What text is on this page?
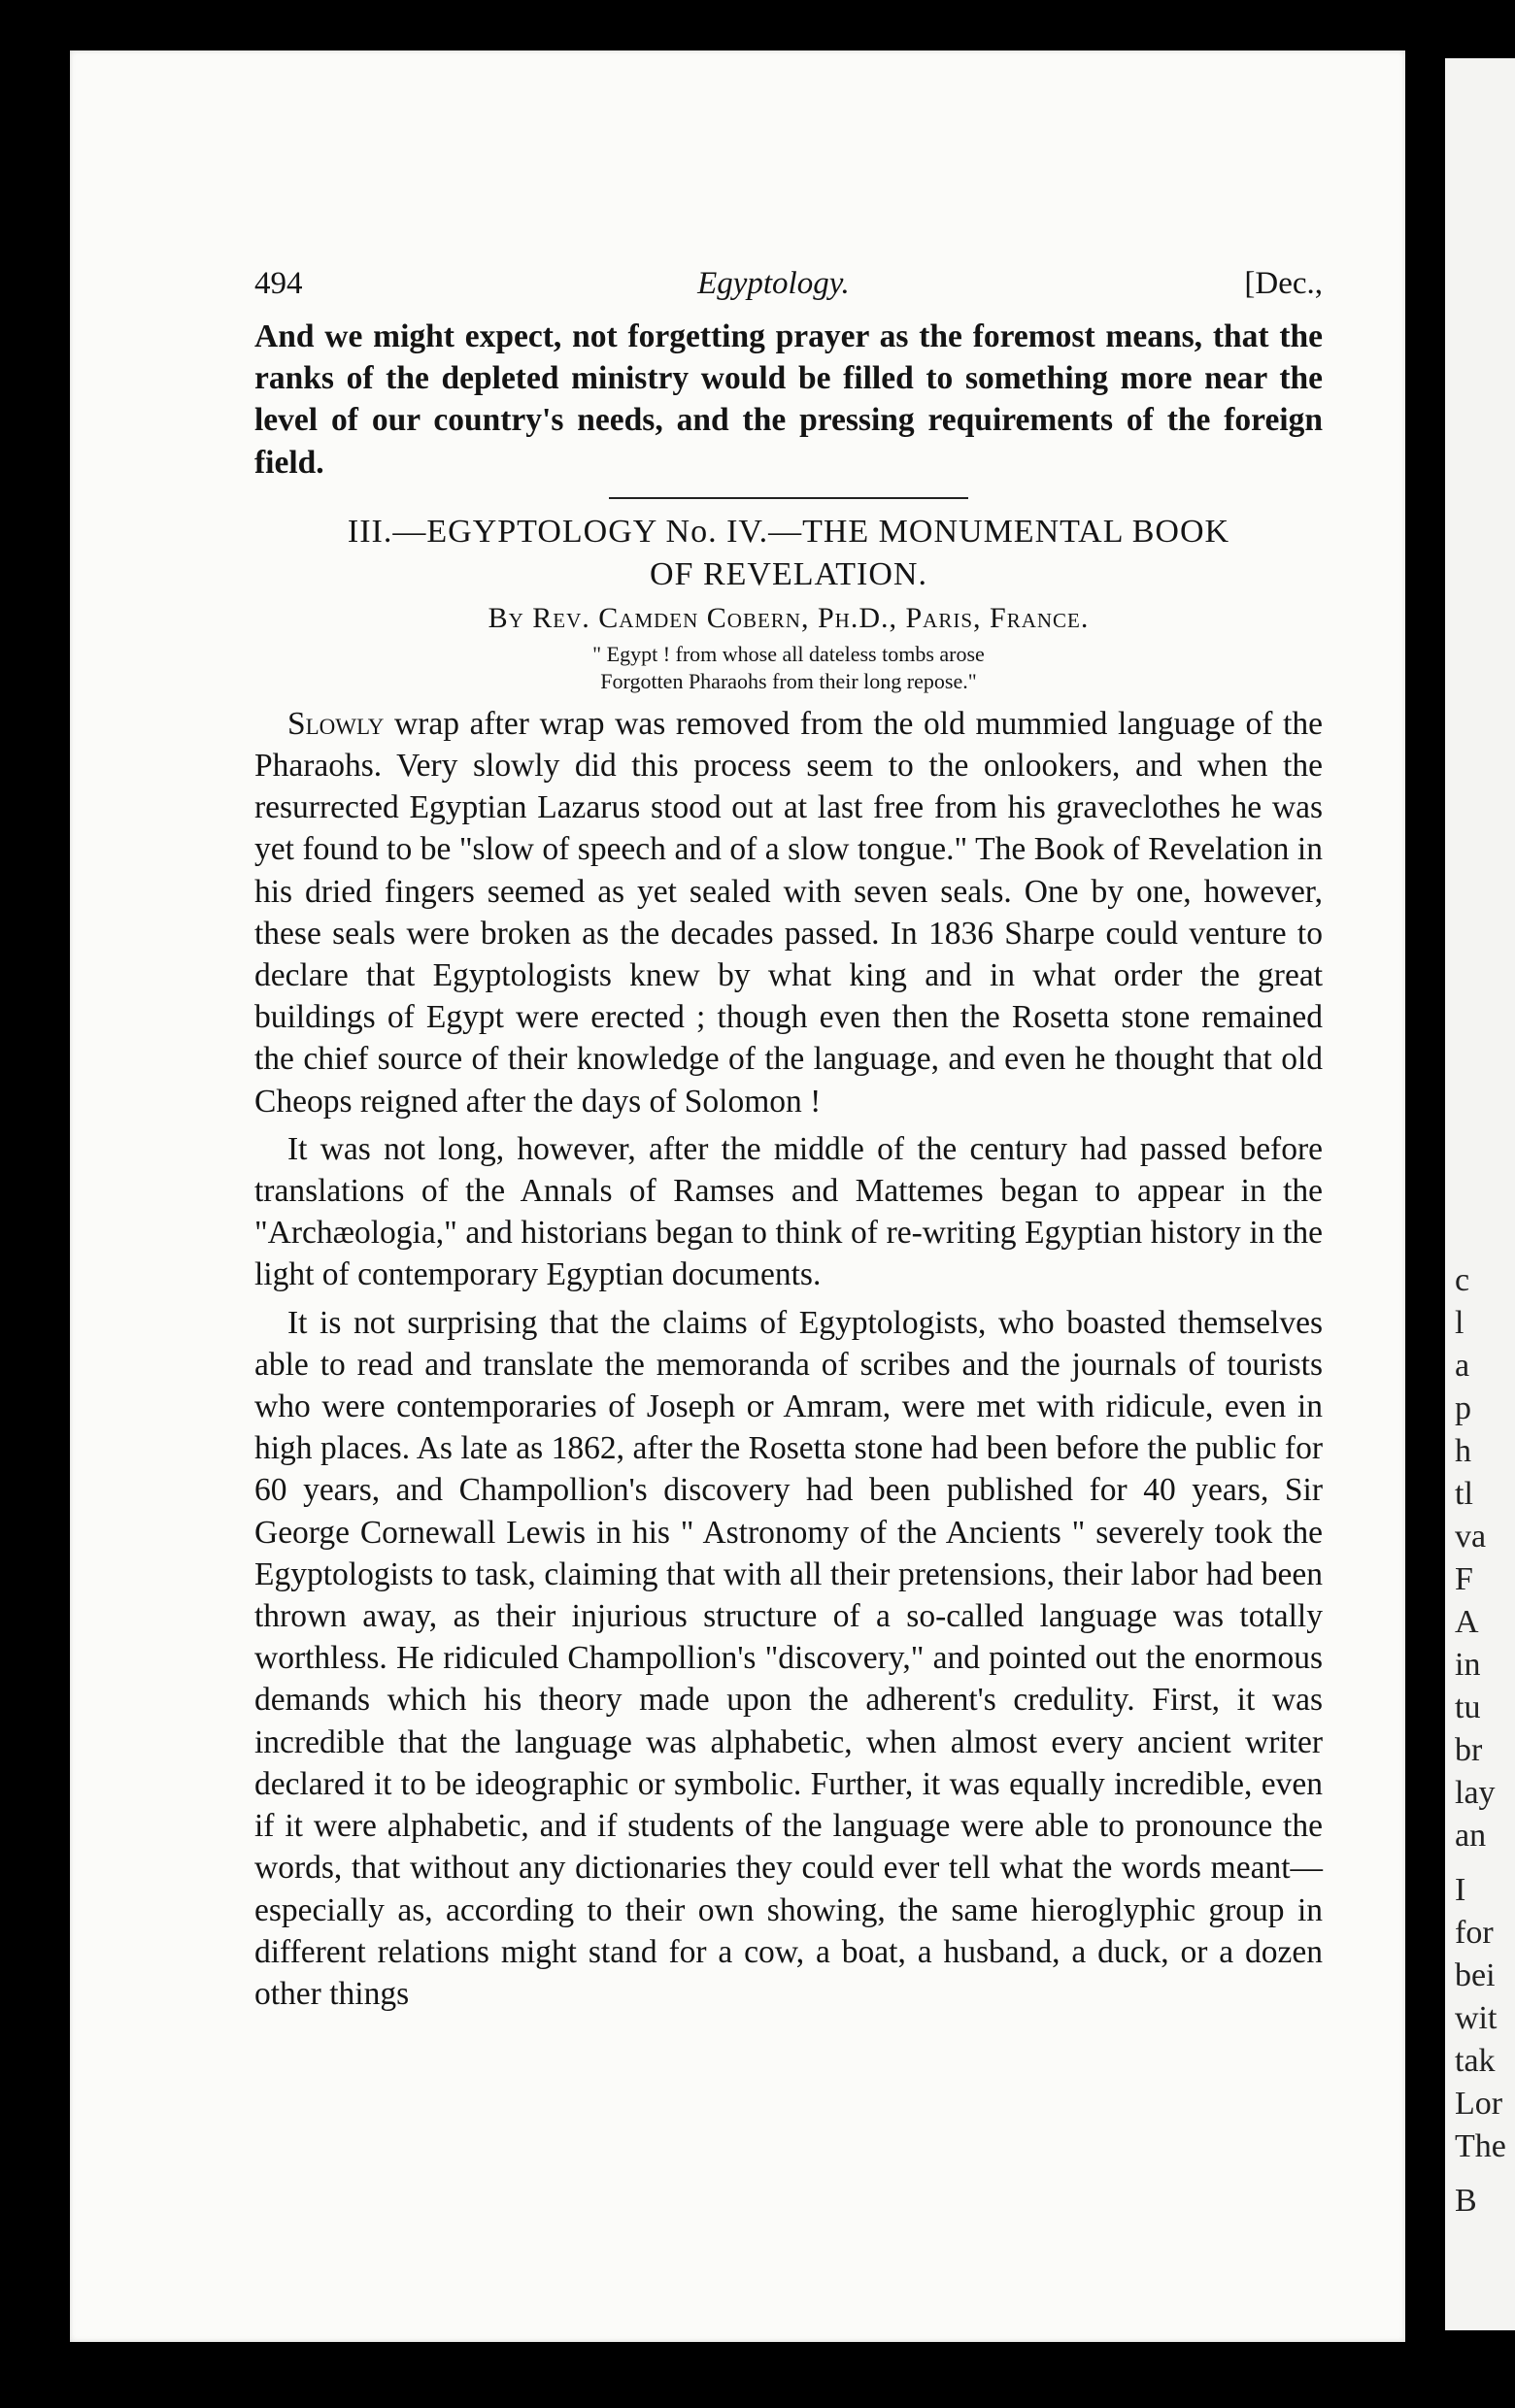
494	Egyptology.	[Dec.,

And we might expect, not forgetting prayer as the foremost means, that the ranks of the depleted ministry would be filled to something more near the level of our country's needs, and the pressing requirements of the foreign field.

III.—EGYPTOLOGY No. IV.—THE MONUMENTAL BOOK
OF REVELATION.
By Rev. Camden Cobern, Ph.D., Paris, France.
" Egypt ! from whose all dateless tombs arose
Forgotten Pharaohs from their long repose."

Slowly wrap after wrap was removed from the old mummied language of the Pharaohs. Very slowly did this process seem to the onlookers, and when the resurrected Egyptian Lazarus stood out at last free from his graveclothes he was yet found to be "slow of speech and of a slow tongue." The Book of Revelation in his dried fingers seemed as yet sealed with seven seals. One by one, however, these seals were broken as the decades passed. In 1836 Sharpe could venture to declare that Egyptologists knew by what king and in what order the great buildings of Egypt were erected ; though even then the Rosetta stone remained the chief source of their knowledge of the language, and even he thought that old Cheops reigned after the days of Solomon !

It was not long, however, after the middle of the century had passed before translations of the Annals of Ramses and Mattemes began to appear in the "Archæologia," and historians began to think of re-writing Egyptian history in the light of contemporary Egyptian documents.

It is not surprising that the claims of Egyptologists, who boasted themselves able to read and translate the memoranda of scribes and the journals of tourists who were contemporaries of Joseph or Amram, were met with ridicule, even in high places. As late as 1862, after the Rosetta stone had been before the public for 60 years, and Champollion's discovery had been published for 40 years, Sir George Cornewall Lewis in his " Astronomy of the Ancients " severely took the Egyptologists to task, claiming that with all their pretensions, their labor had been thrown away, as their injurious structure of a so-called language was totally worthless. He ridiculed Champollion's "discovery," and pointed out the enormous demands which his theory made upon the adherent's credulity. First, it was incredible that the language was alphabetic, when almost every ancient writer declared it to be ideographic or symbolic. Further, it was equally incredible, even if it were alphabetic, and if students of the language were able to pronounce the words, that without any dictionaries they could ever tell what the words meant—especially as, according to their own showing, the same hieroglyphic group in different relations might stand for a cow, a boat, a husband, a duck, or a dozen other things

c
l
a
p
h
tl
va
F
A
in
tu
br
lay
an
I
for
bei
wit
tak
Lor
The
B
